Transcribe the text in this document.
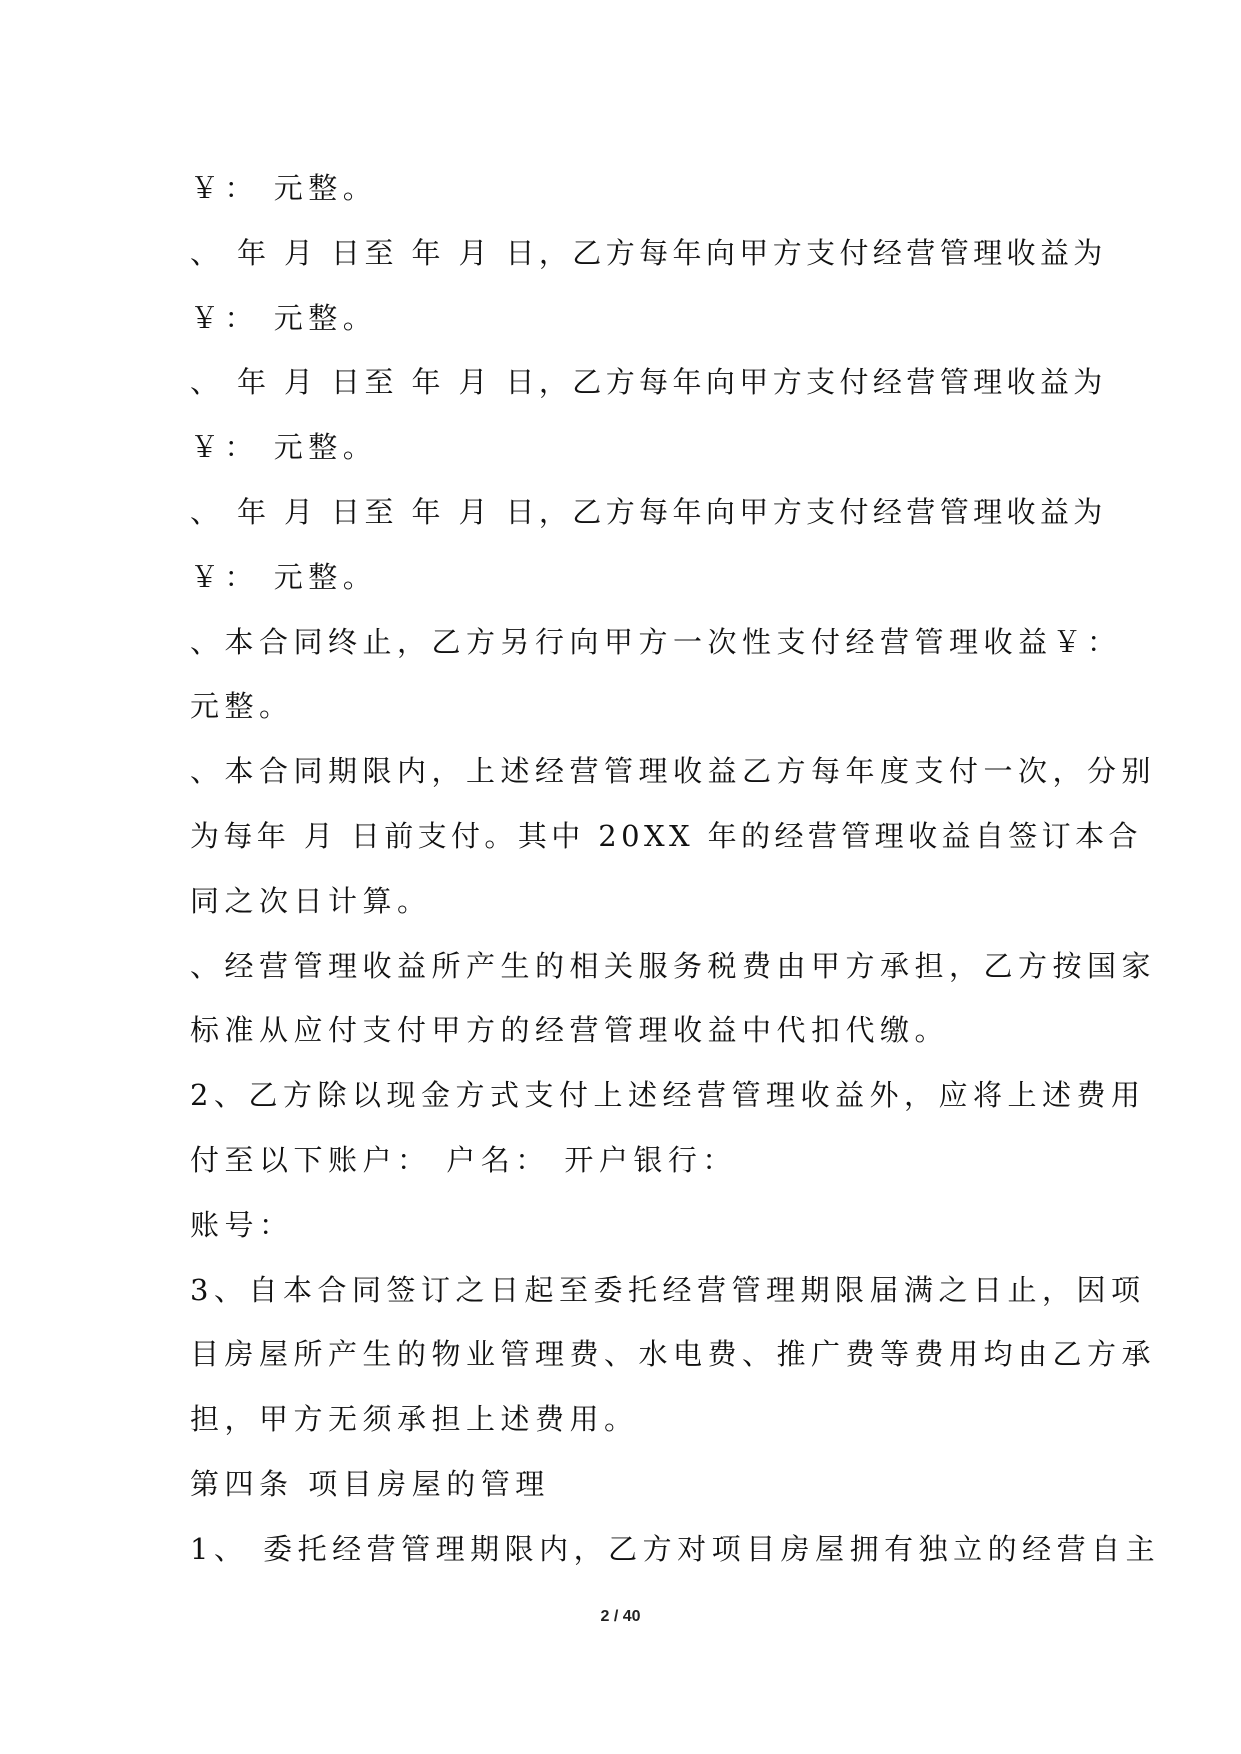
￥： 元整。
、 年 月 日至 年 月 日，乙方每年向甲方支付经营管理收益为
￥： 元整。
、 年 月 日至 年 月 日，乙方每年向甲方支付经营管理收益为
￥： 元整。
、 年 月 日至 年 月 日，乙方每年向甲方支付经营管理收益为
￥： 元整。
、本合同终止，乙方另行向甲方一次性支付经营管理收益￥：
元整。
、本合同期限内，上述经营管理收益乙方每年度支付一次，分别
为每年 月 日前支付。其中 20XX 年的经营管理收益自签订本合
同之次日计算。
、经营管理收益所产生的相关服务税费由甲方承担，乙方按国家
标准从应付支付甲方的经营管理收益中代扣代缴。
2、乙方除以现金方式支付上述经营管理收益外，应将上述费用
付至以下账户： 户名： 开户银行：
账号：
3、自本合同签订之日起至委托经营管理期限届满之日止，因项
目房屋所产生的物业管理费、水电费、推广费等费用均由乙方承
担，甲方无须承担上述费用。
第四条 项目房屋的管理
1、 委托经营管理期限内，乙方对项目房屋拥有独立的经营自主
2 / 40
